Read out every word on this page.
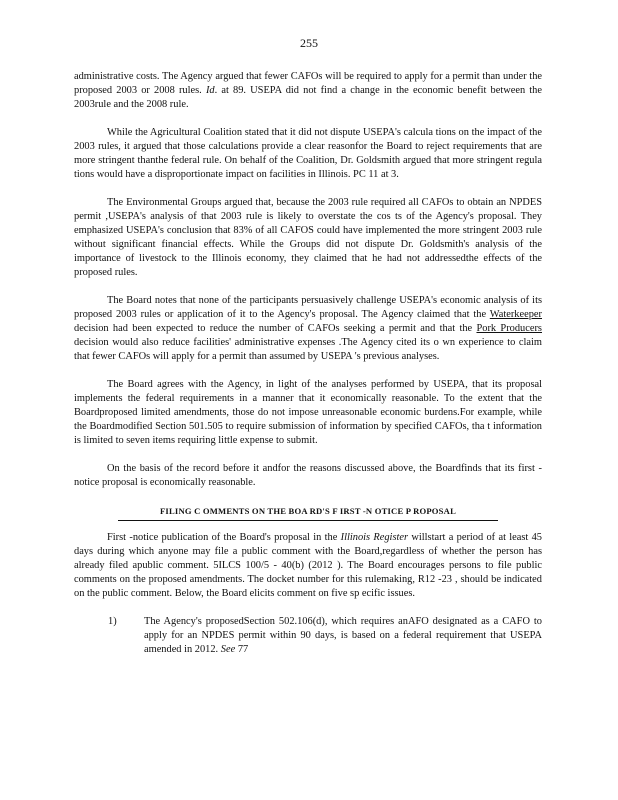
255

administrative costs. The Agency argued that fewer CAFOs will be required to apply for a permit than under the proposed 2003 or 2008 rules. Id. at 89. USEPA did not find a change in the economic benefit between the 2003rule and the 2008 rule.

While the Agricultural Coalition stated that it did not dispute USEPA's calcula tions on the impact of the 2003 rules, it argued that those calculations provide a clear reasonfor the Board to reject requirements that are more stringent thanthe federal rule. On behalf of the Coalition, Dr. Goldsmith argued that more stringent regula tions would have a disproportionate impact on facilities in Illinois. PC 11 at 3.

The Environmental Groups argued that, because the 2003 rule required all CAFOs to obtain an NPDES permit ,USEPA's analysis of that 2003 rule is likely to overstate the cos ts of the Agency's proposal. They emphasized USEPA's conclusion that 83% of all CAFOS could have implemented the more stringent 2003 rule without significant financial effects. While the Groups did not dispute Dr. Goldsmith's analysis of the importance of livestock to the Illinois economy, they claimed that he had not addressedthe effects of the proposed rules.

The Board notes that none of the participants persuasively challenge USEPA's economic analysis of its proposed 2003 rules or application of it to the Agency's proposal. The Agency claimed that the Waterkeeper decision had been expected to reduce the number of CAFOs seeking a permit and that the Pork Producers decision would also reduce facilities' administrative expenses .The Agency cited its o wn experience to claim that fewer CAFOs will apply for a permit than assumed by USEPA 's previous analyses.

The Board agrees with the Agency, in light of the analyses performed by USEPA, that its proposal implements the federal requirements in a manner that it economically reasonable. To the extent that the Boardproposed limited amendments, those do not impose unreasonable economic burdens.For example, while the Boardmodified Section 501.505 to require submission of information by specified CAFOs, tha t information is limited to seven items requiring little expense to submit.

On the basis of the record before it andfor the reasons discussed above, the Boardfinds that its first -notice proposal is economically reasonable.

FILING C OMMENTS ON THE BOA RD'S F IRST -N OTICE P ROPOSAL

First -notice publication of the Board's proposal in the Illinois Register willstart a period of at least 45 days during which anyone may file a public comment with the Board,regardless of whether the person has already filed apublic comment. 5ILCS 100/5 - 40(b) (2012 ). The Board encourages persons to file public comments on the proposed amendments. The docket number for this rulemaking, R12 -23 , should be indicated on the public comment. Below, the Board elicits comment on five sp ecific issues.

1)	The Agency's proposedSection 502.106(d), which requires anAFO designated as a CAFO to apply for an NPDES permit within 90 days, is based on a federal requirement that USEPA amended in 2012. See 77
